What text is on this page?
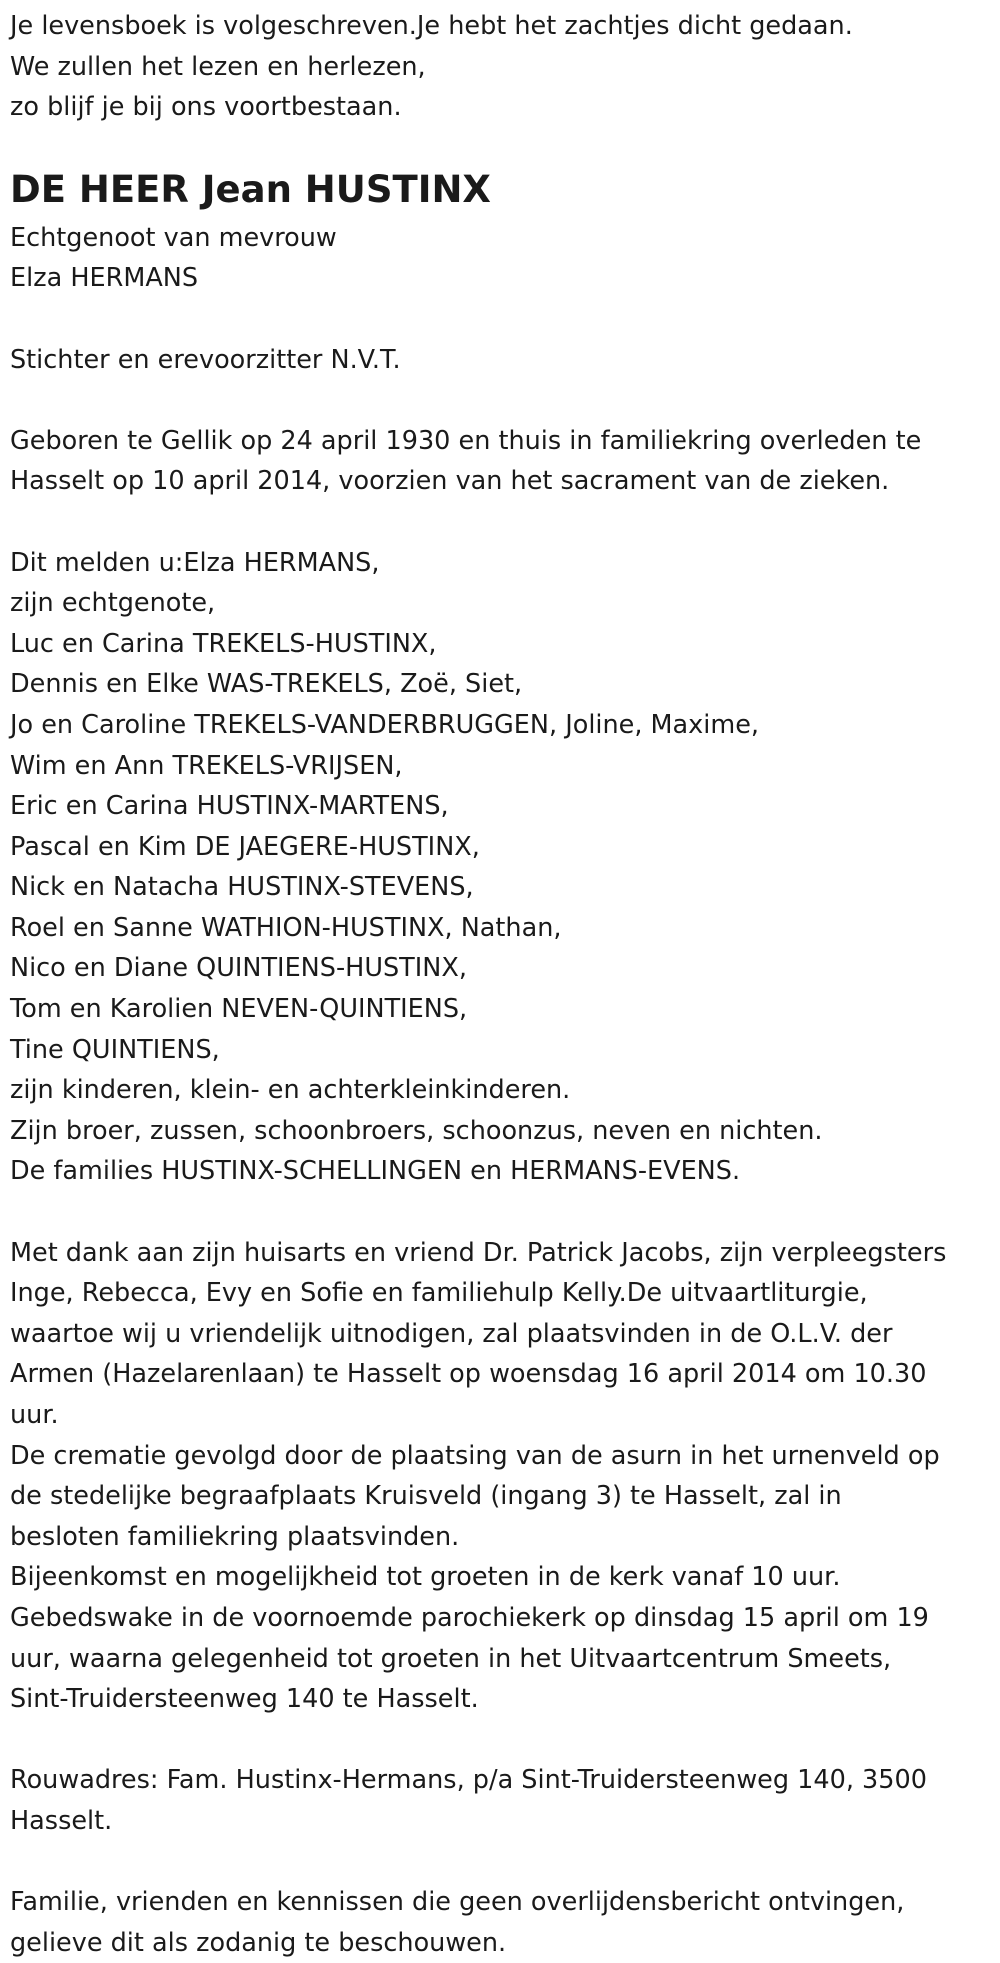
Je levensboek is volgeschreven.Je hebt het zachtjes dicht gedaan.
We zullen het lezen en herlezen,
zo blijf je bij ons voortbestaan.
DE HEER Jean HUSTINX
Echtgenoot van mevrouw
Elza HERMANS
Stichter en erevoorzitter N.V.T.
Geboren te Gellik op 24 april 1930 en thuis in familiekring overleden te
Hasselt op 10 april 2014, voorzien van het sacrament van de zieken.
Dit melden u:Elza HERMANS,
zijn echtgenote,
Luc en Carina TREKELS-HUSTINX,
Dennis en Elke WAS-TREKELS, Zoë, Siet,
Jo en Caroline TREKELS-VANDERBRUGGEN, Joline, Maxime,
Wim en Ann TREKELS-VRIJSEN,
Eric en Carina HUSTINX-MARTENS,
Pascal en Kim DE JAEGERE-HUSTINX,
Nick en Natacha HUSTINX-STEVENS,
Roel en Sanne WATHION-HUSTINX, Nathan,
Nico en Diane QUINTIENS-HUSTINX,
Tom en Karolien NEVEN-QUINTIENS,
Tine QUINTIENS,
zijn kinderen, klein- en achterkleinkinderen.
Zijn broer, zussen, schoonbroers, schoonzus, neven en nichten.
De families HUSTINX-SCHELLINGEN en HERMANS-EVENS.
Met dank aan zijn huisarts en vriend Dr. Patrick Jacobs, zijn verpleegsters
Inge, Rebecca, Evy en Sofie en familiehulp Kelly.De uitvaartliturgie,
waartoe wij u vriendelijk uitnodigen, zal plaatsvinden in de O.L.V. der
Armen (Hazelarenlaan) te Hasselt op woensdag 16 april 2014 om 10.30
uur.
De crematie gevolgd door de plaatsing van de asurn in het urnenveld op
de stedelijke begraafplaats Kruisveld (ingang 3) te Hasselt, zal in
besloten familiekring plaatsvinden.
Bijeenkomst en mogelijkheid tot groeten in de kerk vanaf 10 uur.
Gebedswake in de voornoemde parochiekerk op dinsdag 15 april om 19
uur, waarna gelegenheid tot groeten in het Uitvaartcentrum Smeets,
Sint-Truidersteenweg 140 te Hasselt.
Rouwadres: Fam. Hustinx-Hermans, p/a Sint-Truidersteenweg 140, 3500
Hasselt.
Familie, vrienden en kennissen die geen overlijdensbericht ontvingen,
gelieve dit als zodanig te beschouwen.
